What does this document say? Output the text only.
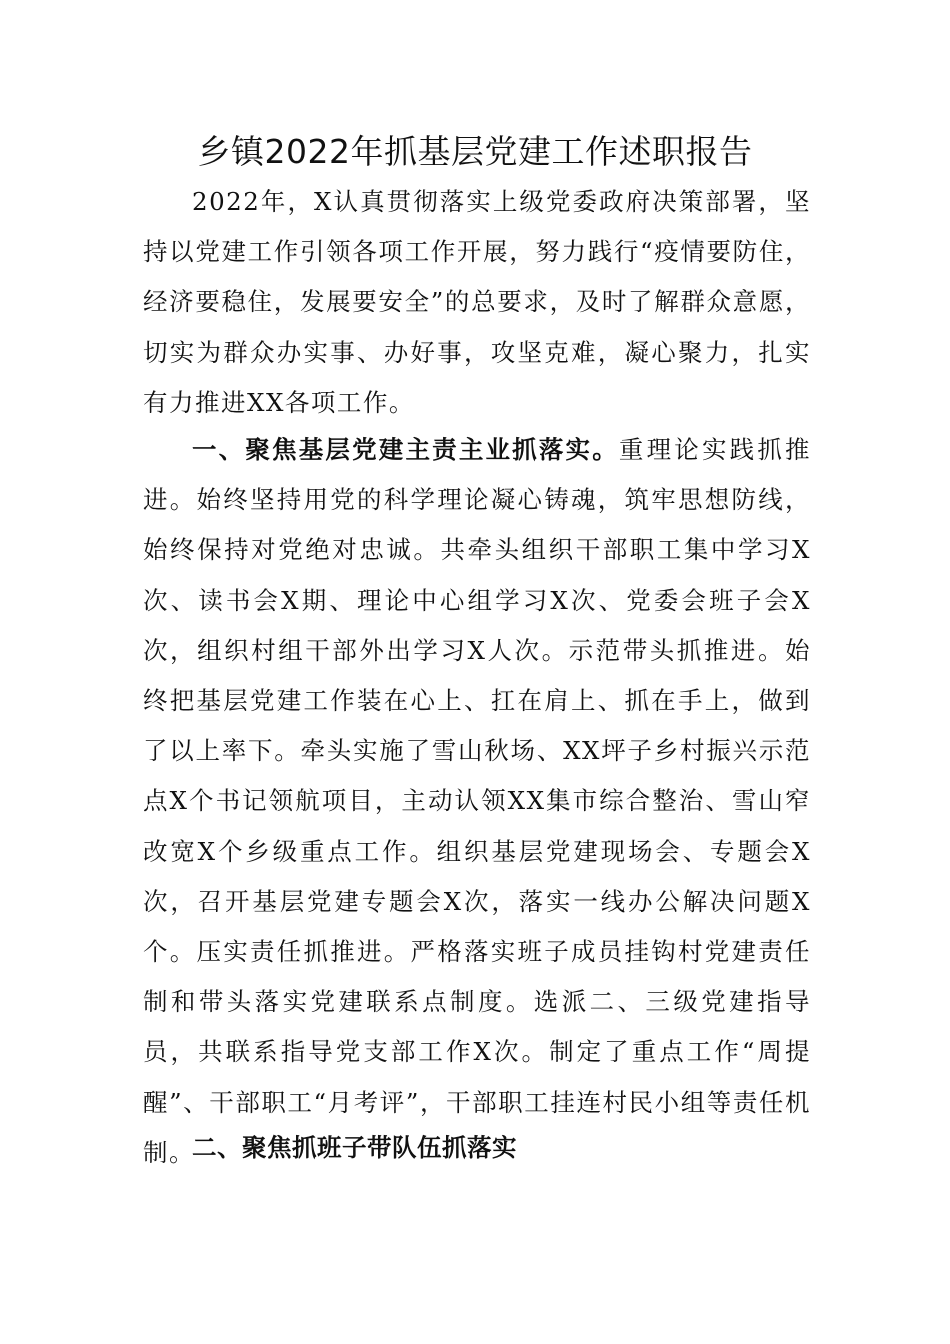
乡镇2022年抓基层党建工作述职报告

2022年，X认真贯彻落实上级党委政府决策部署，坚持以党建工作引领各项工作开展，努力践行“疫情要防住，经济要稳住，发展要安全”的总要求，及时了解群众意愿，切实为群众办实事、办好事，攻坚克难，凝心聚力，扎实有力推进XX各项工作。

一、聚焦基层党建主责主业抓落实。重理论实践抓推进。始终坚持用党的科学理论凝心铸魂，筑牢思想防线，始终保持对党绝对忠诚。共牵头组织干部职工集中学习X次、读书会X期、理论中心组学习X次、党委会班子会X次，组织村组干部外出学习X人次。示范带头抓推进。始终把基层党建工作装在心上、扛在肩上、抓在手上，做到了以上率下。牵头实施了雪山秋场、XX坪子乡村振兴示范点X个书记领航项目，主动认领XX集市综合整治、雪山窄改宽X个乡级重点工作。组织基层党建现场会、专题会X次，召开基层党建专题会X次，落实一线办公解决问题X个。压实责任抓推进。严格落实班子成员挂钩村党建责任制和带头落实党建联系点制度。选派二、三级党建指导员，共联系指导党支部工作X次。制定了重点工作“周提醒”、干部职工“月考评”，干部职工挂连村民小组等责任机制。

二、聚焦抓班子带队伍抓落实
